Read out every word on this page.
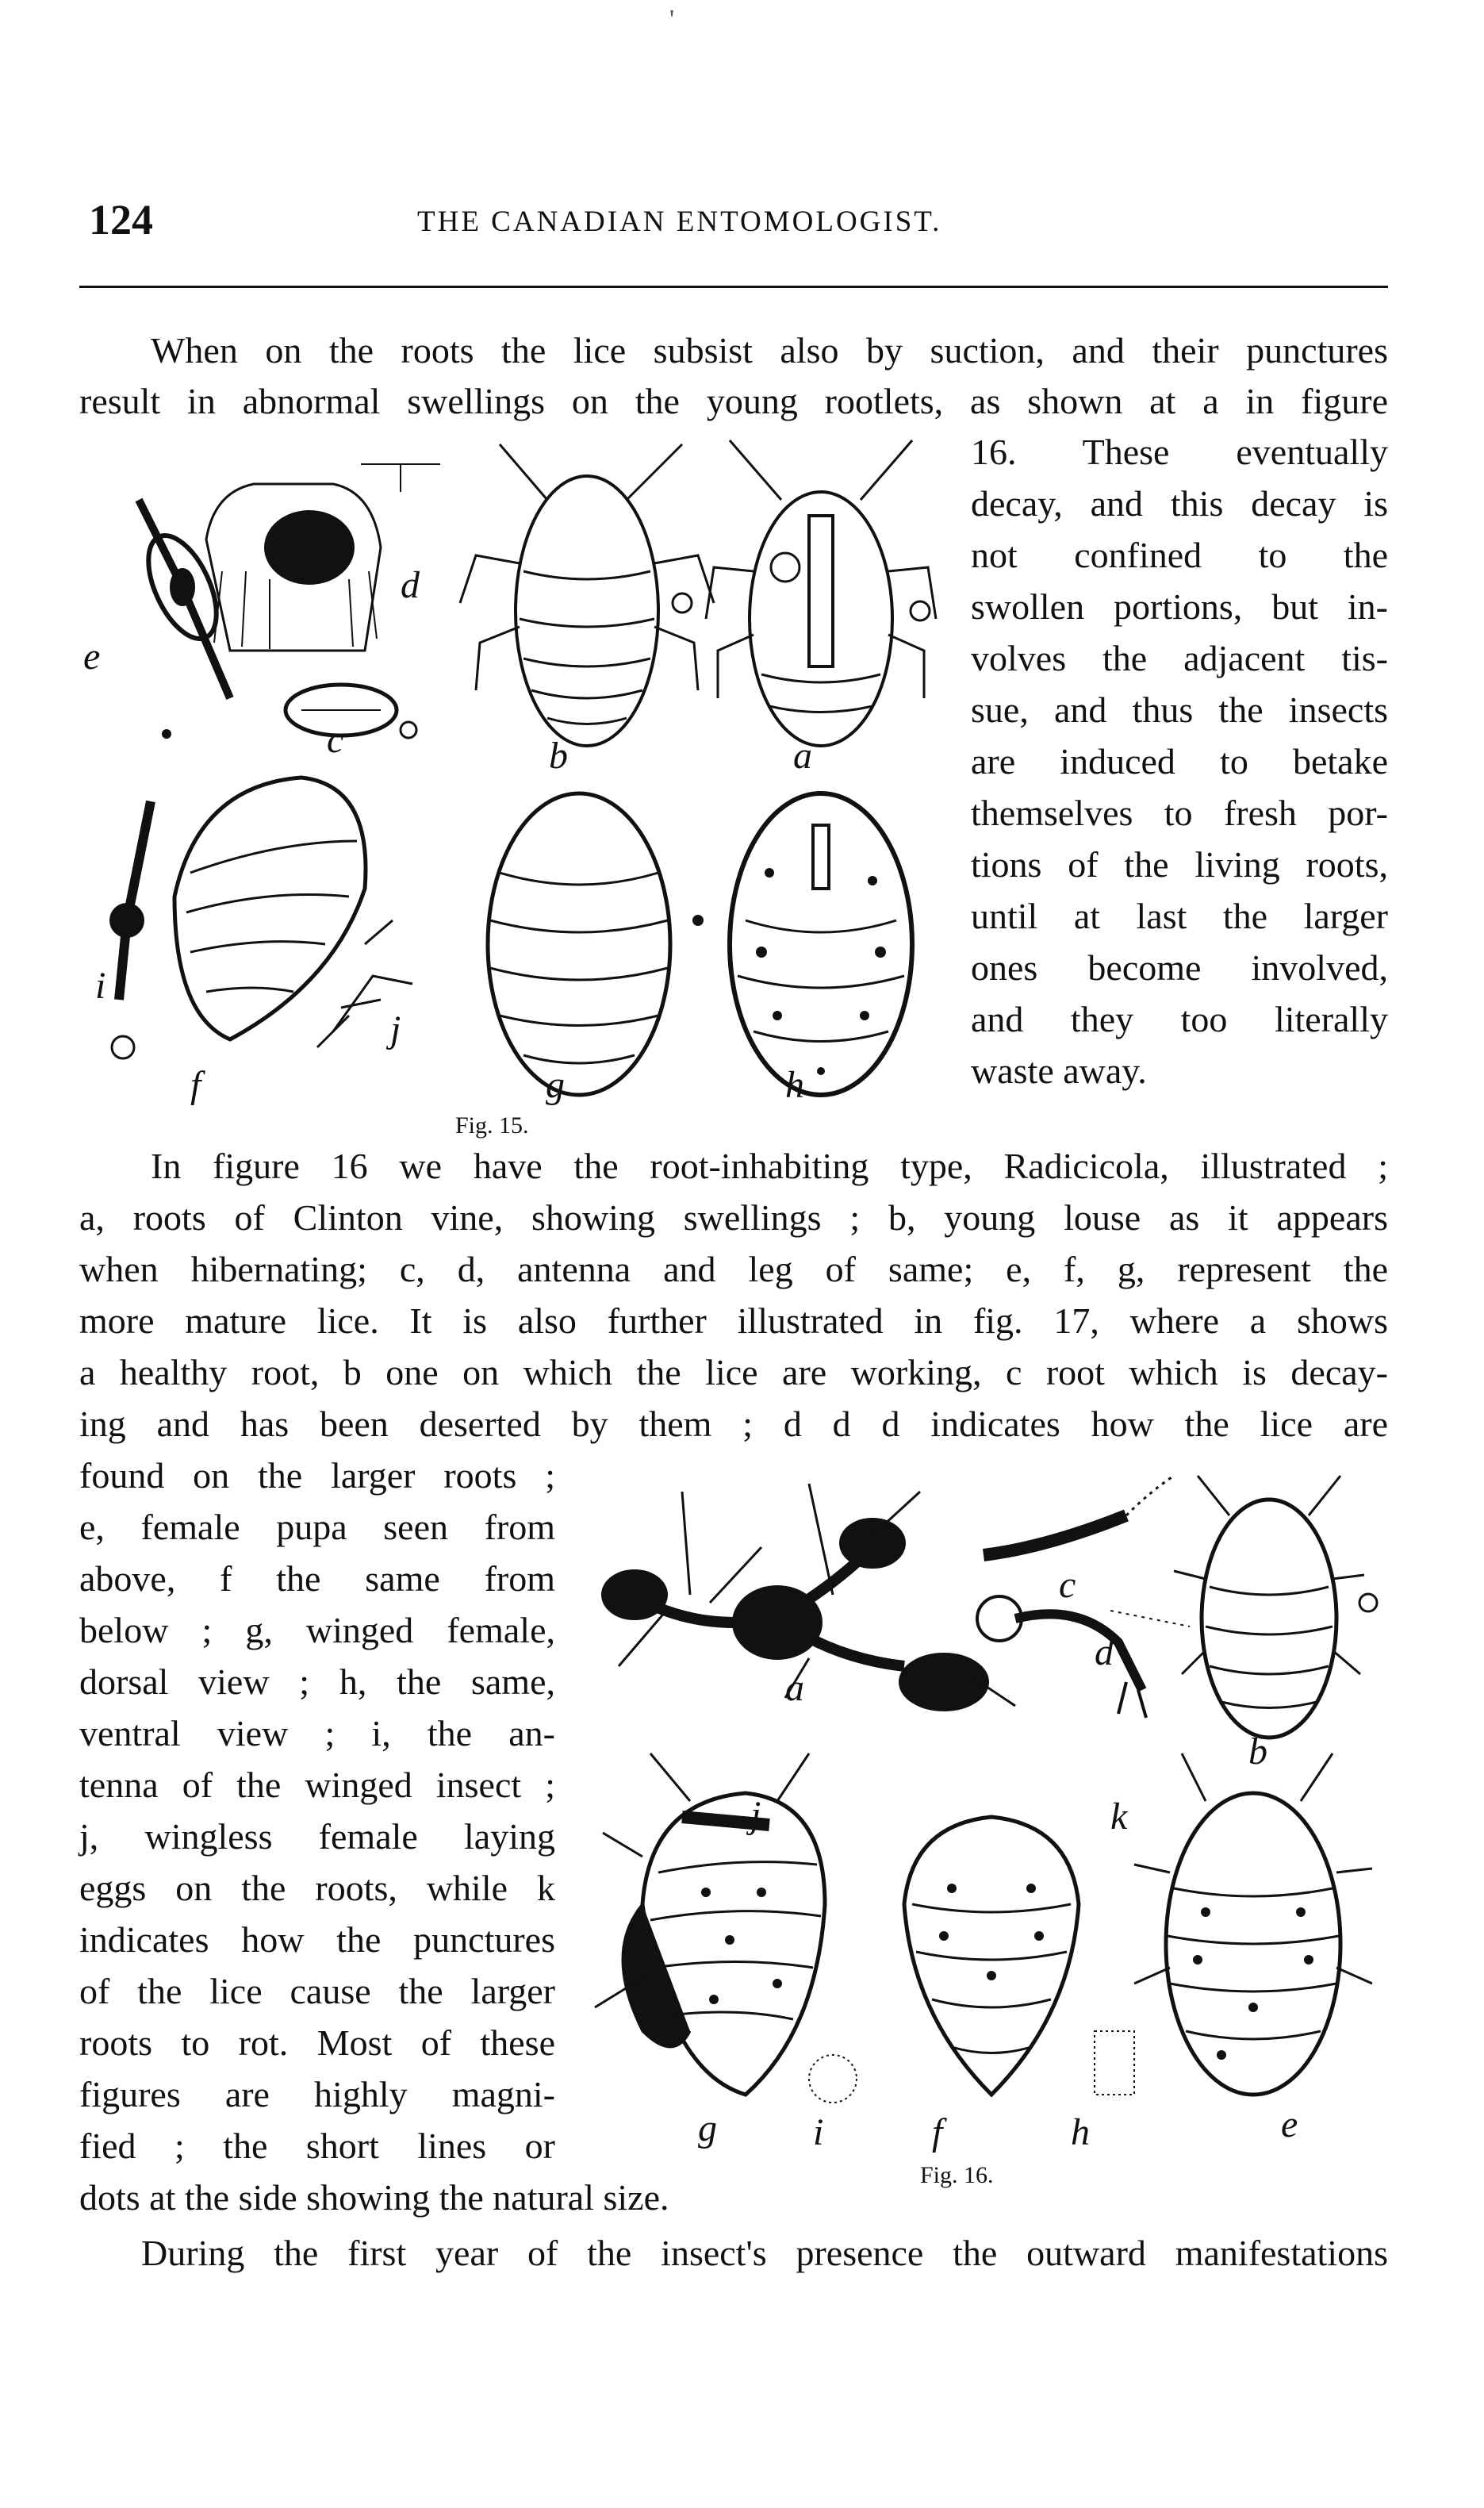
'
124	THE CANADIAN ENTOMOLOGIST.
When on the roots the lice subsist also by suction, and their punctures
result in abnormal swellings on the young rootlets, as shown at a in figure
16. These eventually
decay, and this decay is
not confined to the
swollen portions, but in-
volves the adjacent tis-
sue, and thus the insects
are induced to betake
themselves to fresh por-
tions of the living roots,
until at last the larger
ones become involved,
and they too literally
waste away.
e
c
d
b	a
i
f
j
g	h
Fig. 15.
In figure 16 we have the root-inhabiting type, Radicicola, illustrated ;
a, roots of Clinton vine, showing swellings ; b, young louse as it appears
when hibernating; c, d, antenna and leg of same; e, f, g, represent the
more mature lice. It is also further illustrated in fig. 17, where a shows
a healthy root, b one on which the lice are working, c root which is decay-
ing and has been deserted by them ; d d d indicates how the lice are
found on the larger roots ;
e, female pupa seen from
above, f the same from
below ; g, winged female,
dorsal view ; h, the same,
ventral view ; i, the an-
tenna of the winged insect ;
j, wingless female laying
eggs on the roots, while k
indicates how the punctures
of the lice cause the larger
roots to rot. Most of these
figures are highly magni-
fied ; the short lines or
dots at the side showing the natural size.
a
c
d
b
j	k
g	i	f	h	e
Fig. 16.
During the first year of the insect's presence the outward manifestations
